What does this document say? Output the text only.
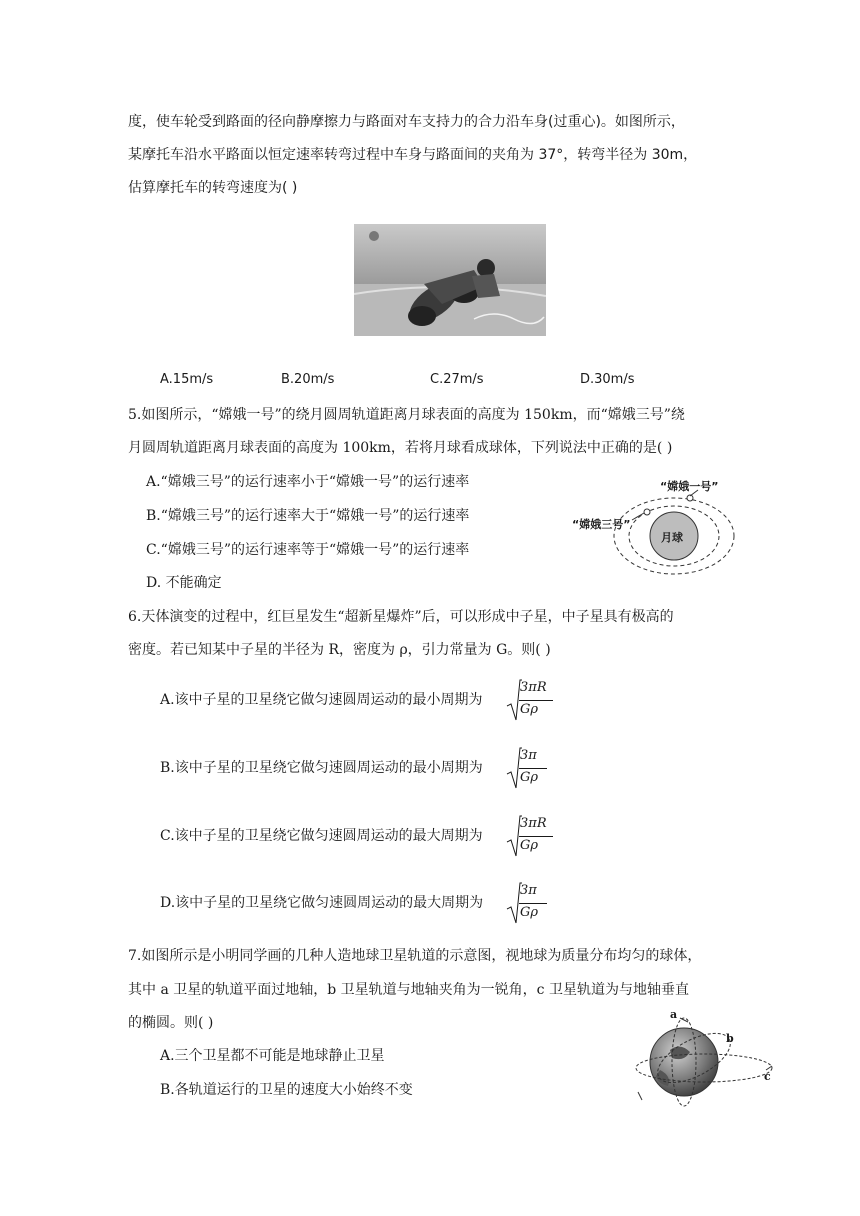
度，使车轮受到路面的径向静摩擦力与路面对车支持力的合力沿车身(过重心)。如图所示，
某摩托车沿水平路面以恒定速率转弯过程中车身与路面间的夹角为 37°，转弯半径为 30m，
估算摩托车的转弯速度为( )
A.15m/s	B.20m/s	C.27m/s	D.30m/s
5.如图所示，“嫦娥一号”的绕月圆周轨道距离月球表面的高度为 150km，而“嫦娥三号”绕
月圆周轨道距离月球表面的高度为 100km，若将月球看成球体，下列说法中正确的是( )
A.“嫦娥三号”的运行速率小于“嫦娥一号”的运行速率
B.“嫦娥三号”的运行速率大于“嫦娥一号”的运行速率
C.“嫦娥三号”的运行速率等于“嫦娥一号”的运行速率
D. 不能确定
“嫦娥一号”
“嫦娥三号”
月球
6.天体演变的过程中，红巨星发生“超新星爆炸”后，可以形成中子星，中子星具有极高的
密度。若已知某中子星的半径为 R，密度为 ρ，引力常量为 G。则( )
A.该中子星的卫星绕它做匀速圆周运动的最小周期为
3πR
Gρ
B.该中子星的卫星绕它做匀速圆周运动的最小周期为
3π
Gρ
C.该中子星的卫星绕它做匀速圆周运动的最大周期为
3πR
Gρ
D.该中子星的卫星绕它做匀速圆周运动的最大周期为
3π
Gρ
7.如图所示是小明同学画的几种人造地球卫星轨道的示意图，视地球为质量分布均匀的球体，
其中 a 卫星的轨道平面过地轴，b 卫星轨道与地轴夹角为一锐角，c 卫星轨道为与地轴垂直
的椭圆。则( )
A.三个卫星都不可能是地球静止卫星
B.各轨道运行的卫星的速度大小始终不变
a
b
c
